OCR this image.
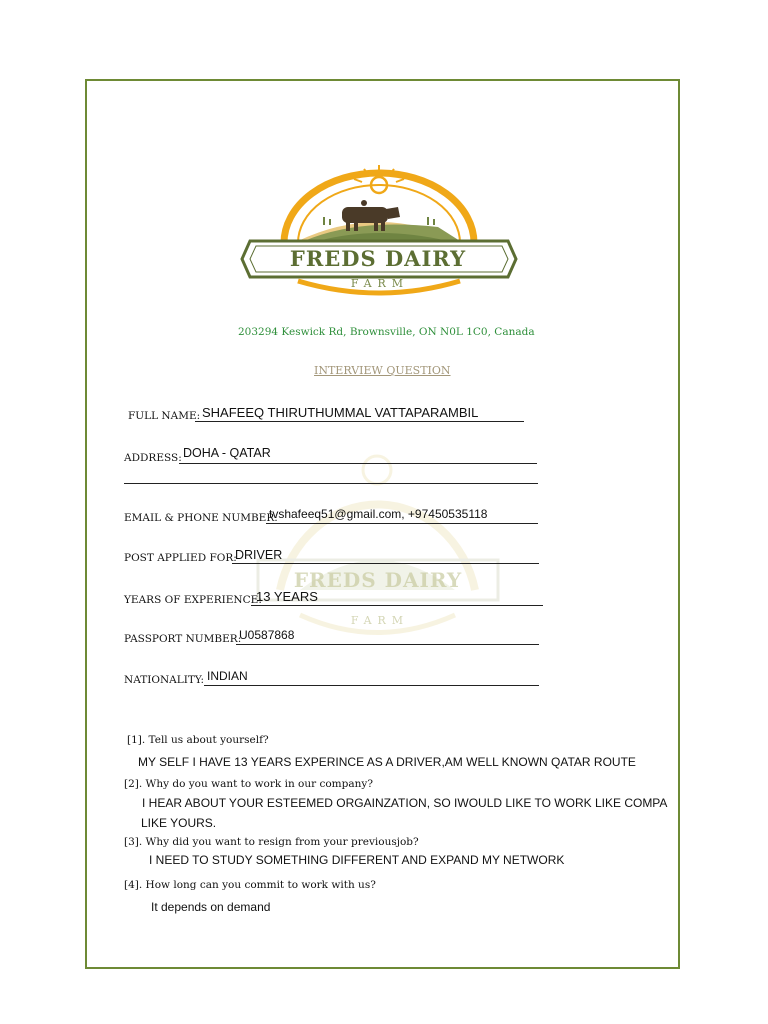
FREDS DAIRY
FARM
FREDS DAIRY
FARM
203294 Keswick Rd, Brownsville, ON N0L 1C0, Canada
INTERVIEW QUESTION
FULL NAME: SHAFEEQ THIRUTHUMMAL VATTAPARAMBIL
ADDRESS: DOHA - QATAR
EMAIL & PHONE NUMBER:
tvshafeeq51@gmail.com, +97450535118
POST APPLIED FOR:
DRIVER
YEARS OF EXPERIENCE:
13 YEARS
PASSPORT NUMBER:
U0587868
NATIONALITY: INDIAN
[1]. Tell us about yourself?
MY SELF I HAVE 13 YEARS EXPERINCE AS A DRIVER,AM WELL KNOWN QATAR ROUTE
[2]. Why do you want to work in our company?
I HEAR ABOUT YOUR ESTEEMED ORGAINZATION, SO IWOULD LIKE TO WORK LIKE COMPA
LIKE YOURS.
[3]. Why did you want to resign from your previousjob?
I NEED TO STUDY SOMETHING DIFFERENT AND EXPAND MY NETWORK
[4]. How long can you commit to work with us?
It depends on demand
